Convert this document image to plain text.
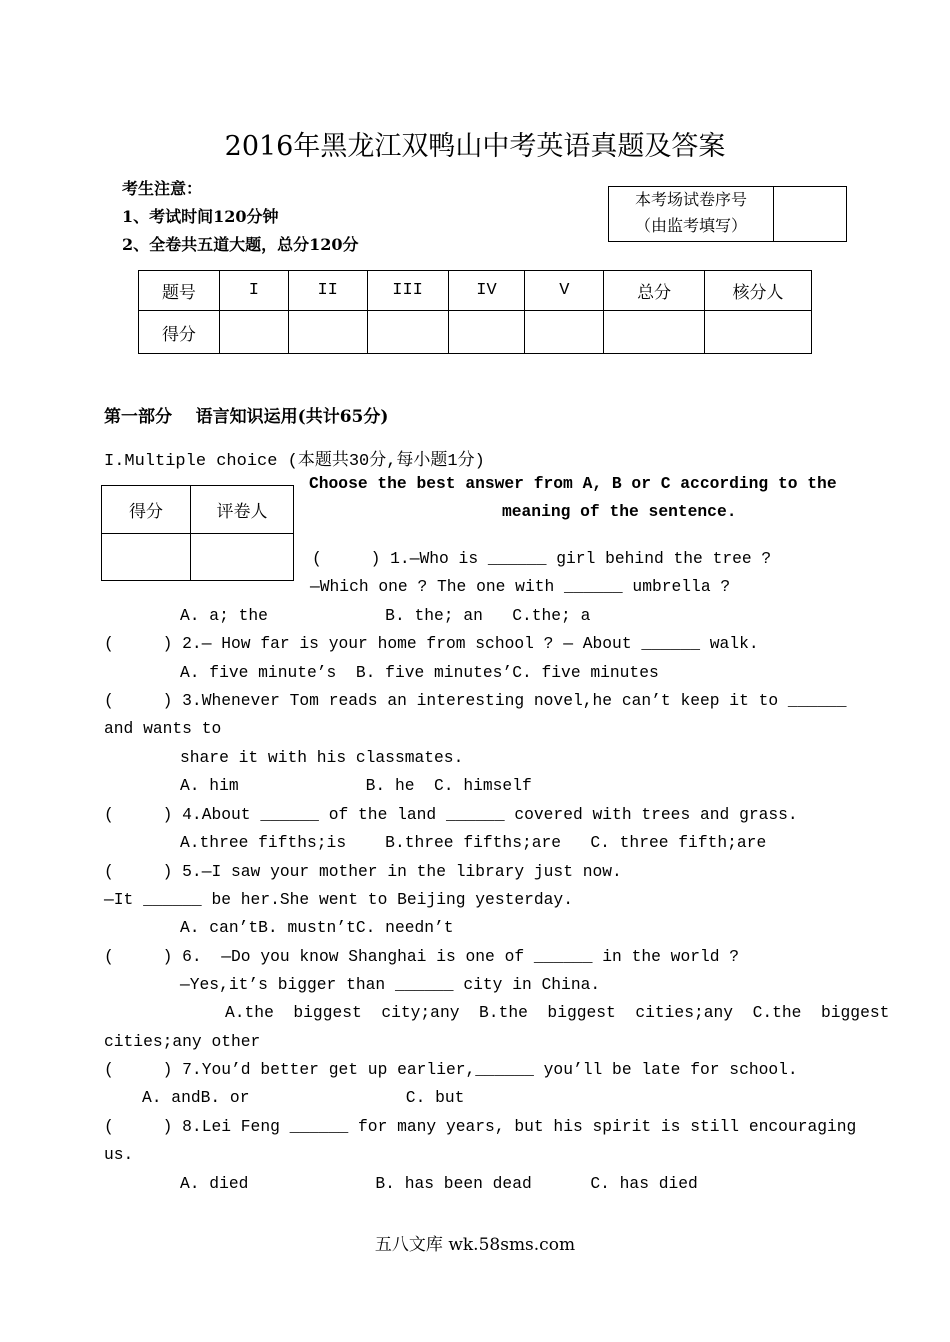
2016年黑龙江双鸭山中考英语真题及答案
考生注意：
1、考试时间120分钟
2、全卷共五道大题，总分120分
本考场试卷序号
（由监考填写）

题号	I	II	III	IV	V	总分	核分人
得分							
第一部分    语言知识运用(共计65分)
I.Multiple choice (本题共30分,每小题1分)
得分	评卷人

Choose the best answer from A, B or C according to the
meaning of the sentence.
(     ) 1.—Who is ______ girl behind the tree ?
—Which one ? The one with ______ umbrella ?
A. a; the            B. the; an   C.the; a
(     ) 2.— How far is your home from school ? — About ______ walk.
A. five minute’s  B. five minutes’C. five minutes
(     ) 3.Whenever Tom reads an interesting novel,he can’t keep it to ______
and wants to
share it with his classmates.
A. him             B. he  C. himself
(     ) 4.About ______ of the land ______ covered with trees and grass.
A.three fifths;is    B.three fifths;are   C. three fifth;are
(     ) 5.—I saw your mother in the library just now.
—It ______ be her.She went to Beijing yesterday.
A. can’tB. mustn’tC. needn’t
(     ) 6.  —Do you know Shanghai is one of ______ in the world ?
—Yes,it’s bigger than ______ city in China.
A.the  biggest  city;any  B.the  biggest  cities;any  C.the  biggest
cities;any other
(     ) 7.You’d better get up earlier,______ you’ll be late for school.
A. andB. or                C. but
(     ) 8.Lei Feng ______ for many years, but his spirit is still encouraging
us.
A. died             B. has been dead      C. has died
五八文库 wk.58sms.com
